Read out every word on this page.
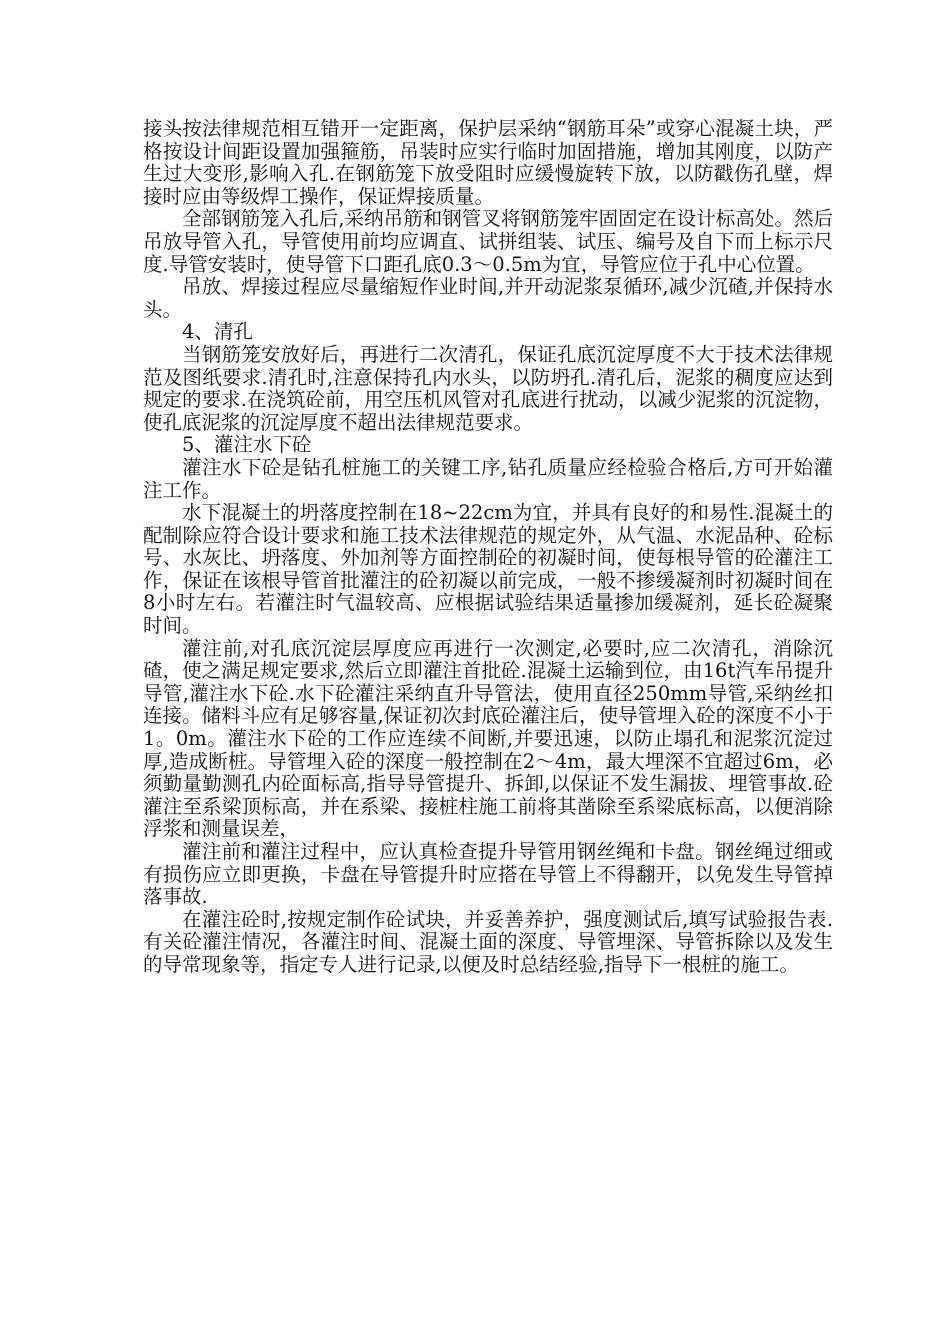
接头按法律规范相互错开一定距离，保护层采纳“钢筋耳朵”或穿心混凝土块，严格按设计间距设置加强箍筋，吊装时应实行临时加固措施，增加其刚度，以防产生过大变形,影响入孔.在钢筋笼下放受阻时应缓慢旋转下放，以防戳伤孔壁，焊接时应由等级焊工操作，保证焊接质量。

全部钢筋笼入孔后,采纳吊筋和钢管叉将钢筋笼牢固固定在设计标高处。然后吊放导管入孔，导管使用前均应调直、试拼组装、试压、编号及自下而上标示尺度.导管安装时，使导管下口距孔底0.3～0.5m为宜，导管应位于孔中心位置。

吊放、焊接过程应尽量缩短作业时间,并开动泥浆泵循环,减少沉碴,并保持水头。

4、清孔

当钢筋笼安放好后，再进行二次清孔，保证孔底沉淀厚度不大于技术法律规范及图纸要求.清孔时,注意保持孔内水头，以防坍孔.清孔后，泥浆的稠度应达到规定的要求.在浇筑砼前，用空压机风管对孔底进行扰动，以减少泥浆的沉淀物，使孔底泥浆的沉淀厚度不超出法律规范要求。

5、灌注水下砼

灌注水下砼是钻孔桩施工的关键工序,钻孔质量应经检验合格后,方可开始灌注工作。

水下混凝土的坍落度控制在18~22cm为宜，并具有良好的和易性.混凝土的配制除应符合设计要求和施工技术法律规范的规定外，从气温、水泥品种、砼标号、水灰比、坍落度、外加剂等方面控制砼的初凝时间，使每根导管的砼灌注工作，保证在该根导管首批灌注的砼初凝以前完成，一般不掺缓凝剂时初凝时间在8小时左右。若灌注时气温较高、应根据试验结果适量掺加缓凝剂，延长砼凝聚时间。

灌注前,对孔底沉淀层厚度应再进行一次测定,必要时,应二次清孔，消除沉碴，使之满足规定要求,然后立即灌注首批砼.混凝土运输到位，由16t汽车吊提升导管,灌注水下砼.水下砼灌注采纳直升导管法，使用直径250mm导管,采纳丝扣连接。储料斗应有足够容量,保证初次封底砼灌注后，使导管埋入砼的深度不小于1。0m。灌注水下砼的工作应连续不间断,并要迅速，以防止塌孔和泥浆沉淀过厚,造成断桩。导管埋入砼的深度一般控制在2～4m，最大埋深不宜超过6m，必须勤量勤测孔内砼面标高,指导导管提升、拆卸,以保证不发生漏拔、埋管事故.砼灌注至系梁顶标高，并在系梁、接桩柱施工前将其凿除至系梁底标高，以便消除浮浆和测量误差，

灌注前和灌注过程中，应认真检查提升导管用钢丝绳和卡盘。钢丝绳过细或有损伤应立即更换，卡盘在导管提升时应搭在导管上不得翻开，以免发生导管掉落事故.

在灌注砼时,按规定制作砼试块，并妥善养护，强度测试后,填写试验报告表.有关砼灌注情况，各灌注时间、混凝土面的深度、导管埋深、导管拆除以及发生的导常现象等，指定专人进行记录,以便及时总结经验,指导下一根桩的施工。
